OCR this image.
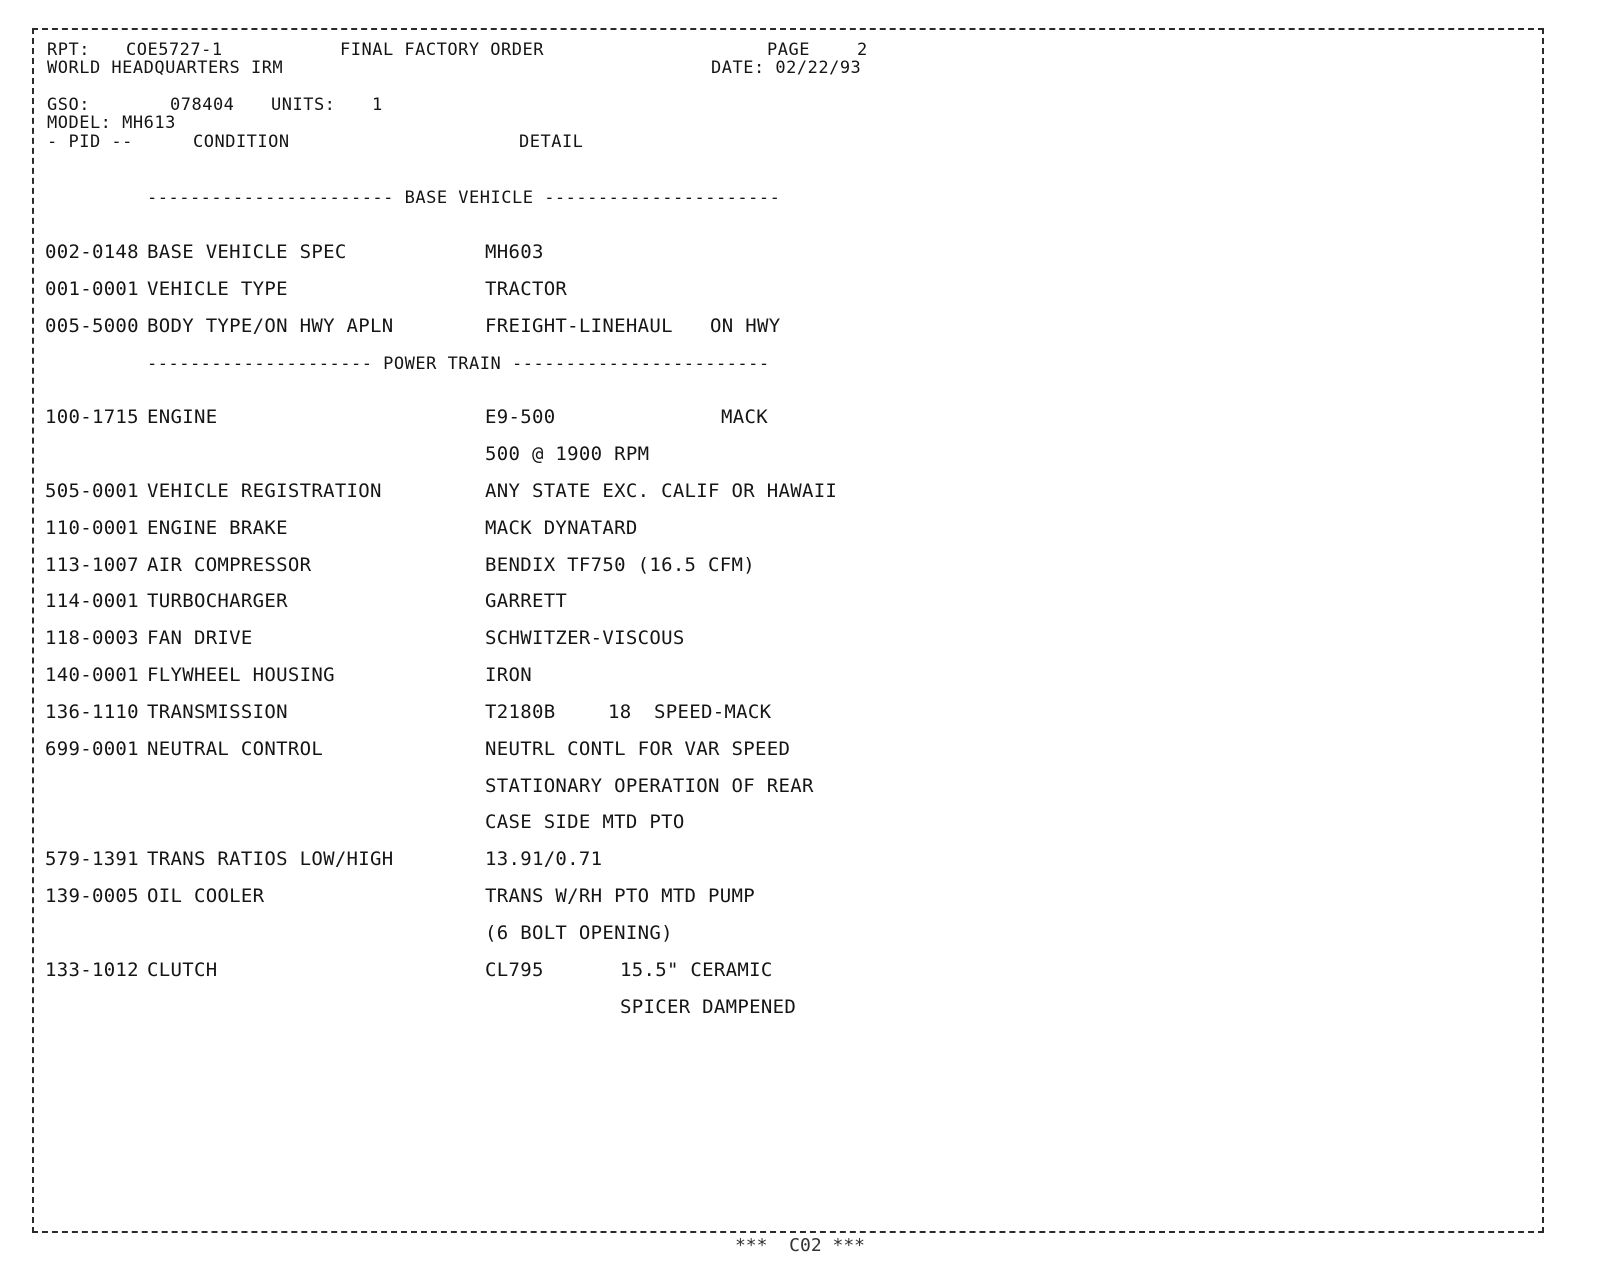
RPT: COE5727-1	FINAL FACTORY ORDER	PAGE	2
WORLD HEADQUARTERS IRM	DATE: 02/22/93
GSO:	078404 UNITS: 1
MODEL: MH613
- PID --	CONDITION	DETAIL
----------------------- BASE VEHICLE ----------------------
--------------------- POWER TRAIN ------------------------
002-0148 BASE VEHICLE SPEC	MH603
001-0001 VEHICLE TYPE	TRACTOR
005-5000 BODY TYPE/ON HWY APLN	FREIGHT-LINEHAUL ON HWY
100-1715 ENGINE	E9-500	MACK
500 @ 1900 RPM
505-0001 VEHICLE REGISTRATION	ANY STATE EXC. CALIF OR HAWAII
110-0001 ENGINE BRAKE	MACK DYNATARD
113-1007 AIR COMPRESSOR	BENDIX TF750 (16.5 CFM)
114-0001 TURBOCHARGER	GARRETT
118-0003 FAN DRIVE	SCHWITZER-VISCOUS
140-0001 FLYWHEEL HOUSING	IRON
136-1110 TRANSMISSION	T2180B	18 SPEED-MACK
699-0001 NEUTRAL CONTROL	NEUTRL CONTL FOR VAR SPEED
STATIONARY OPERATION OF REAR
CASE SIDE MTD PTO
579-1391 TRANS RATIOS LOW/HIGH	13.91/0.71
139-0005 OIL COOLER	TRANS W/RH PTO MTD PUMP
(6 BOLT OPENING)
133-1012 CLUTCH	CL795	15.5" CERAMIC
SPICER DAMPENED
***  C02 ***
